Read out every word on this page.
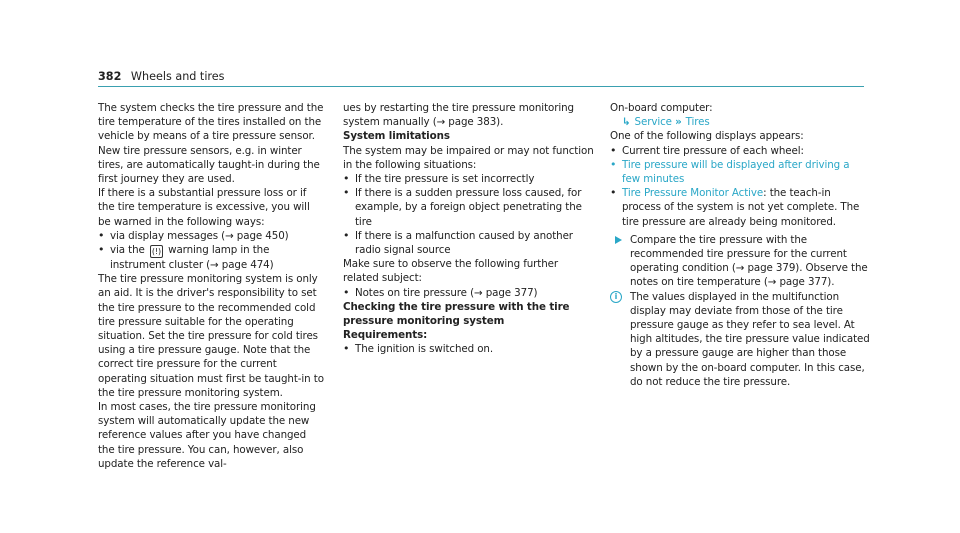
382 Wheels and tires

The system checks the tire pressure and the tire temperature of the tires installed on the vehicle by means of a tire pressure sensor.

New tire pressure sensors, e.g. in winter tires, are automatically taught-in during the first journey they are used.

If there is a substantial pressure loss or if the tire temperature is excessive, you will be warned in the following ways:

• via display messages (→ page 450)

• via the (!) warning lamp in the instrument cluster (→ page 474)

The tire pressure monitoring system is only an aid. It is the driver's responsibility to set the tire pressure to the recommended cold tire pressure suitable for the operating situation. Set the tire pressure for cold tires using a tire pressure gauge. Note that the correct tire pressure for the current operating situation must first be taught-in to the tire pressure monitoring system.

In most cases, the tire pressure monitoring system will automatically update the new reference values after you have changed the tire pressure. You can, however, also update the reference val-

ues by restarting the tire pressure monitoring system manually (→ page 383).

System limitations

The system may be impaired or may not function in the following situations:

• If the tire pressure is set incorrectly

• If there is a sudden pressure loss caused, for example, by a foreign object penetrating the tire

• If there is a malfunction caused by another radio signal source

Make sure to observe the following further related subject:

• Notes on tire pressure (→ page 377)

Checking the tire pressure with the tire pressure monitoring system

Requirements:

• The ignition is switched on.

On-board computer:

↳ Service » Tires

One of the following displays appears:

• Current tire pressure of each wheel:

• Tire pressure will be displayed after driving a few minutes

• Tire Pressure Monitor Active: the teach-in process of the system is not yet complete. The tire pressure are already being monitored.

Compare the tire pressure with the recommended tire pressure for the current operating condition (→ page 379). Observe the notes on tire temperature (→ page 377).

i	The values displayed in the multifunction display may deviate from those of the tire pressure gauge as they refer to sea level. At high altitudes, the tire pressure value indicated by a pressure gauge are higher than those shown by the on-board computer. In this case, do not reduce the tire pressure.
